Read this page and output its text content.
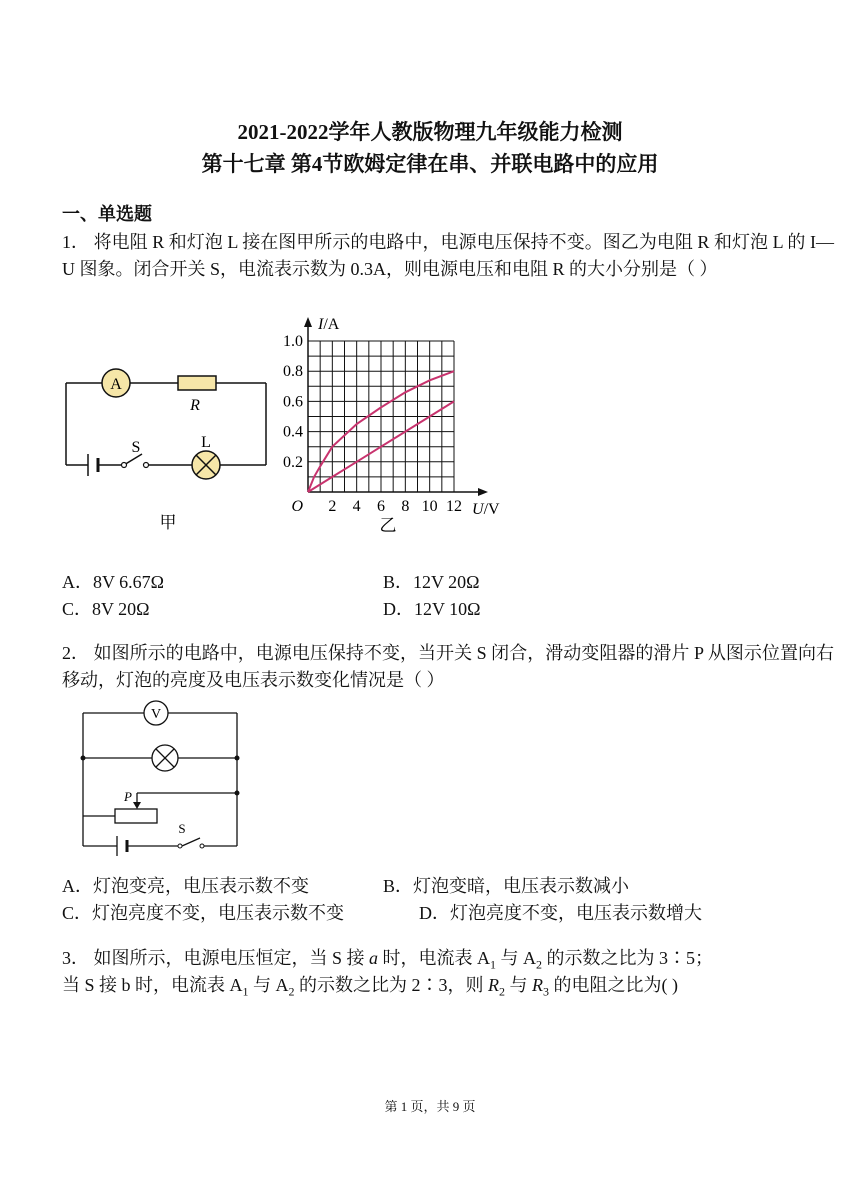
2021-2022学年人教版物理九年级能力检测
第十七章 第4节欧姆定律在串、并联电路中的应用
一、单选题
1． 将电阻 R 和灯泡 L 接在图甲所示的电路中，电源电压保持不变。图乙为电阻 R 和灯泡 L 的 I—U 图象。闭合开关 S，电流表示数为 0.3A，则电源电压和电阻 R 的大小分别是（ ）
A
R
S	L
甲
2 4 6 8 10 12
0.2
0.4
0.6
0.8
1.0
O	U/V
I/A
乙
A．8V 6.67Ω	B．12V 20Ω
C．8V 20Ω	D．12V 10Ω
2． 如图所示的电路中，电源电压保持不变，当开关 S 闭合，滑动变阻器的滑片 P 从图示位置向右移动，灯泡的亮度及电压表示数变化情况是（ ）
V
P
S
A．灯泡变亮，电压表示数不变	B．灯泡变暗，电压表示数减小
C．灯泡亮度不变，电压表示数不变	D．灯泡亮度不变，电压表示数增大
3． 如图所示，电源电压恒定，当 S 接 a 时，电流表 $A_1$ 与 $A_2$ 的示数之比为 3∶5；
当 S 接 b 时，电流表 $A_1$ 与 $A_2$ 的示数之比为 2∶3，则 $R_2$ 与 $R_3$ 的电阻之比为( )
第 1 页，共 9 页
